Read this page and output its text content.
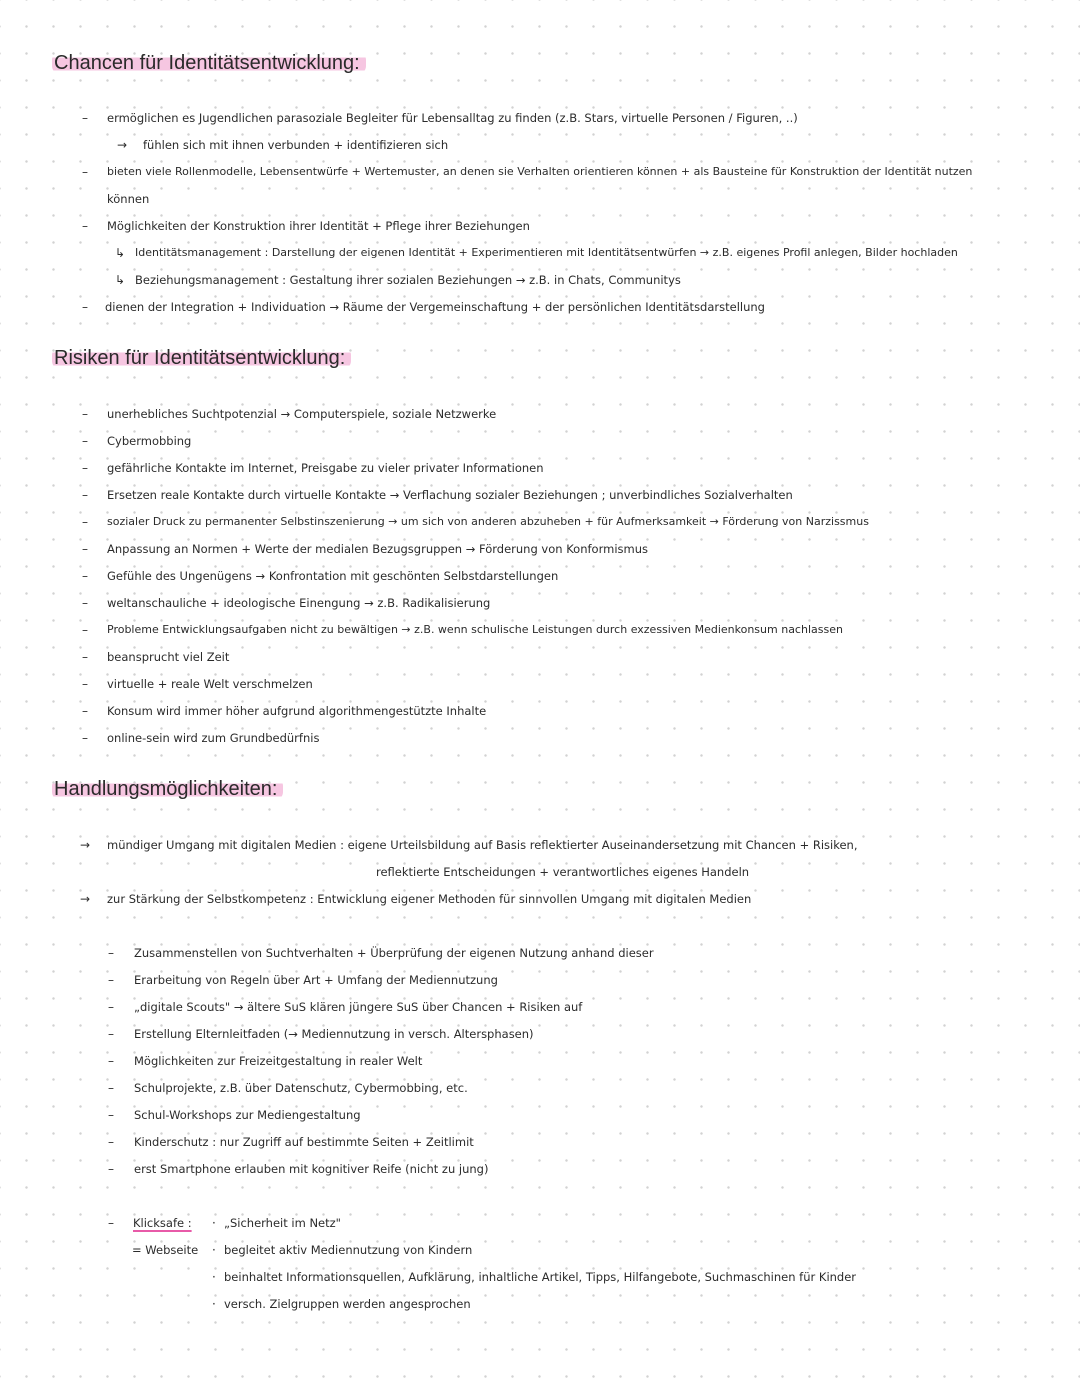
Chancen für Identitätsentwicklung:
– ermöglichen es Jugendlichen parasoziale Begleiter für Lebensalltag zu finden (z.B. Stars, virtuelle Personen / Figuren, ..)
→ fühlen sich mit ihnen verbunden + identifizieren sich
– bieten viele Rollenmodelle, Lebensentwürfe + Wertemuster, an denen sie Verhalten orientieren können + als Bausteine für Konstruktion der Identität nutzen
können
– Möglichkeiten der Konstruktion ihrer Identität + Pflege ihrer Beziehungen
↳ Identitätsmanagement : Darstellung der eigenen Identität + Experimentieren mit Identitätsentwürfen → z.B. eigenes Profil anlegen, Bilder hochladen
↳ Beziehungsmanagement : Gestaltung ihrer sozialen Beziehungen → z.B. in Chats, Communitys
– dienen der Integration + Individuation → Räume der Vergemeinschaftung + der persönlichen Identitätsdarstellung
Risiken für Identitätsentwicklung:
– unerhebliches Suchtpotenzial → Computerspiele, soziale Netzwerke
– Cybermobbing
– gefährliche Kontakte im Internet, Preisgabe zu vieler privater Informationen
– Ersetzen reale Kontakte durch virtuelle Kontakte → Verflachung sozialer Beziehungen ; unverbindliches Sozialverhalten
– sozialer Druck zu permanenter Selbstinszenierung → um sich von anderen abzuheben + für Aufmerksamkeit → Förderung von Narzissmus
– Anpassung an Normen + Werte der medialen Bezugsgruppen → Förderung von Konformismus
– Gefühle des Ungenügens → Konfrontation mit geschönten Selbstdarstellungen
– weltanschauliche + ideologische Einengung → z.B. Radikalisierung
– Probleme Entwicklungsaufgaben nicht zu bewältigen → z.B. wenn schulische Leistungen durch exzessiven Medienkonsum nachlassen
– beansprucht viel Zeit
– virtuelle + reale Welt verschmelzen
– Konsum wird immer höher aufgrund algorithmengestützte Inhalte
– online-sein wird zum Grundbedürfnis
Handlungsmöglichkeiten:
→ mündiger Umgang mit digitalen Medien : eigene Urteilsbildung auf Basis reflektierter Auseinandersetzung mit Chancen + Risiken,
reflektierte Entscheidungen + verantwortliches eigenes Handeln
→ zur Stärkung der Selbstkompetenz : Entwicklung eigener Methoden für sinnvollen Umgang mit digitalen Medien
– Zusammenstellen von Suchtverhalten + Überprüfung der eigenen Nutzung anhand dieser
– Erarbeitung von Regeln über Art + Umfang der Mediennutzung
– „digitale Scouts" → ältere SuS klären jüngere SuS über Chancen + Risiken auf
– Erstellung Elternleitfaden (→ Mediennutzung in versch. Altersphasen)
– Möglichkeiten zur Freizeitgestaltung in realer Welt
– Schulprojekte, z.B. über Datenschutz, Cybermobbing, etc.
– Schul-Workshops zur Mediengestaltung
– Kinderschutz : nur Zugriff auf bestimmte Seiten + Zeitlimit
– erst Smartphone erlauben mit kognitiver Reife (nicht zu jung)
– Klicksafe :
= Webseite
· „Sicherheit im Netz"
· begleitet aktiv Mediennutzung von Kindern
· beinhaltet Informationsquellen, Aufklärung, inhaltliche Artikel, Tipps, Hilfangebote, Suchmaschinen für Kinder
· versch. Zielgruppen werden angesprochen
